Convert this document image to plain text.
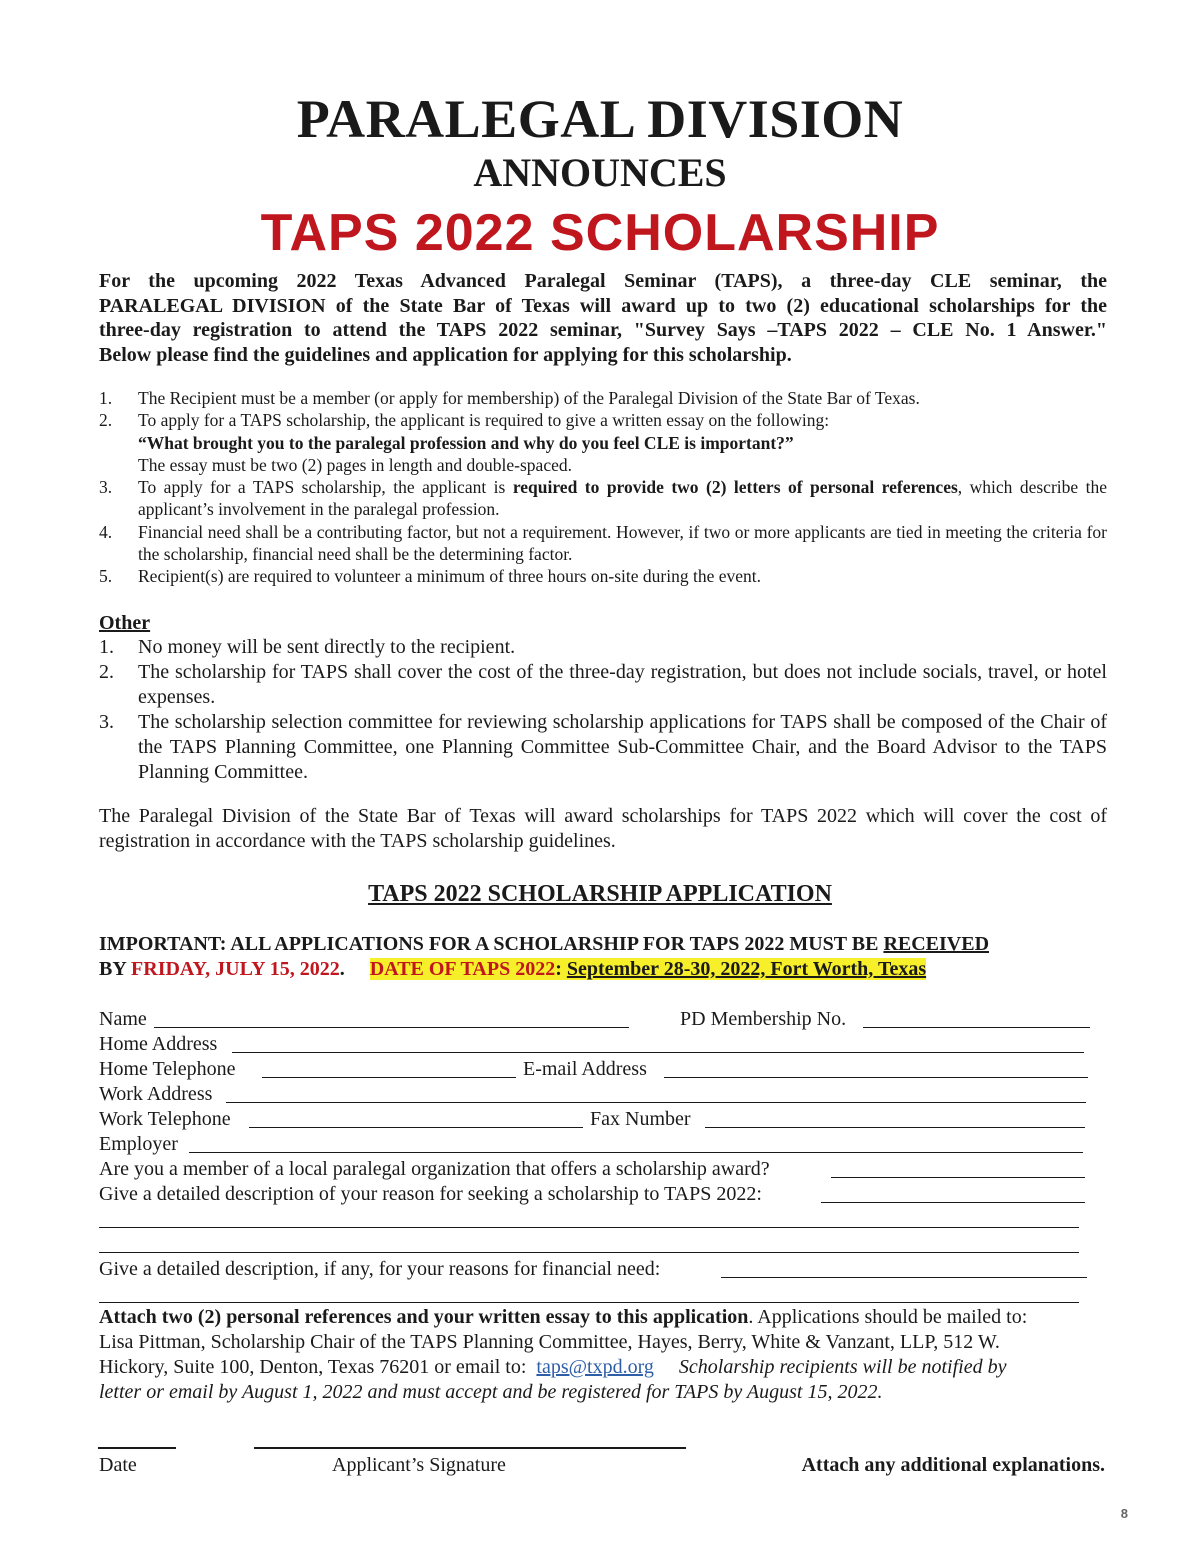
PARALEGAL DIVISION
ANNOUNCES
TAPS 2022 SCHOLARSHIP
For the upcoming 2022 Texas Advanced Paralegal Seminar (TAPS), a three-day CLE seminar, the
PARALEGAL DIVISION of the State Bar of Texas will award up to two (2) educational scholarships for the
three-day registration to attend the TAPS 2022 seminar, "Survey Says –TAPS 2022 – CLE No. 1 Answer."
Below please find the guidelines and application for applying for this scholarship.
1. The Recipient must be a member (or apply for membership) of the Paralegal Division of the State Bar of Texas.
2. To apply for a TAPS scholarship, the applicant is required to give a written essay on the following:
“What brought you to the paralegal profession and why do you feel CLE is important?”
The essay must be two (2) pages in length and double-spaced.
3. To apply for a TAPS scholarship, the applicant is required to provide two (2) letters of personal references, which describe the applicant’s involvement in the paralegal profession.
4. Financial need shall be a contributing factor, but not a requirement. However, if two or more applicants are tied in meeting the criteria for the scholarship, financial need shall be the determining factor.
5. Recipient(s) are required to volunteer a minimum of three hours on-site during the event.
Other
1. No money will be sent directly to the recipient.
2. The scholarship for TAPS shall cover the cost of the three-day registration, but does not include socials, travel, or hotel expenses.
3. The scholarship selection committee for reviewing scholarship applications for TAPS shall be composed of the Chair of the TAPS Planning Committee, one Planning Committee Sub-Committee Chair, and the Board Advisor to the TAPS Planning Committee.
The Paralegal Division of the State Bar of Texas will award scholarships for TAPS 2022 which will cover the cost of registration in accordance with the TAPS scholarship guidelines.
TAPS 2022 SCHOLARSHIP APPLICATION
IMPORTANT: ALL APPLICATIONS FOR A SCHOLARSHIP FOR TAPS 2022 MUST BE RECEIVED
BY FRIDAY, JULY 15, 2022. DATE OF TAPS 2022: September 28-30, 2022, Fort Worth, Texas
Name	PD Membership No.
Home Address
Home Telephone	E-mail Address
Work Address
Work Telephone	Fax Number
Employer
Are you a member of a local paralegal organization that offers a scholarship award?
Give a detailed description of your reason for seeking a scholarship to TAPS 2022:
Give a detailed description, if any, for your reasons for financial need:
Attach two (2) personal references and your written essay to this application. Applications should be mailed to:
Lisa Pittman, Scholarship Chair of the TAPS Planning Committee, Hayes, Berry, White & Vanzant, LLP, 512 W.
Hickory, Suite 100, Denton, Texas 76201 or email to: taps@txpd.org Scholarship recipients will be notified by
letter or email by August 1, 2022 and must accept and be registered for TAPS by August 15, 2022.
Date	Applicant’s Signature	Attach any additional explanations.
8
